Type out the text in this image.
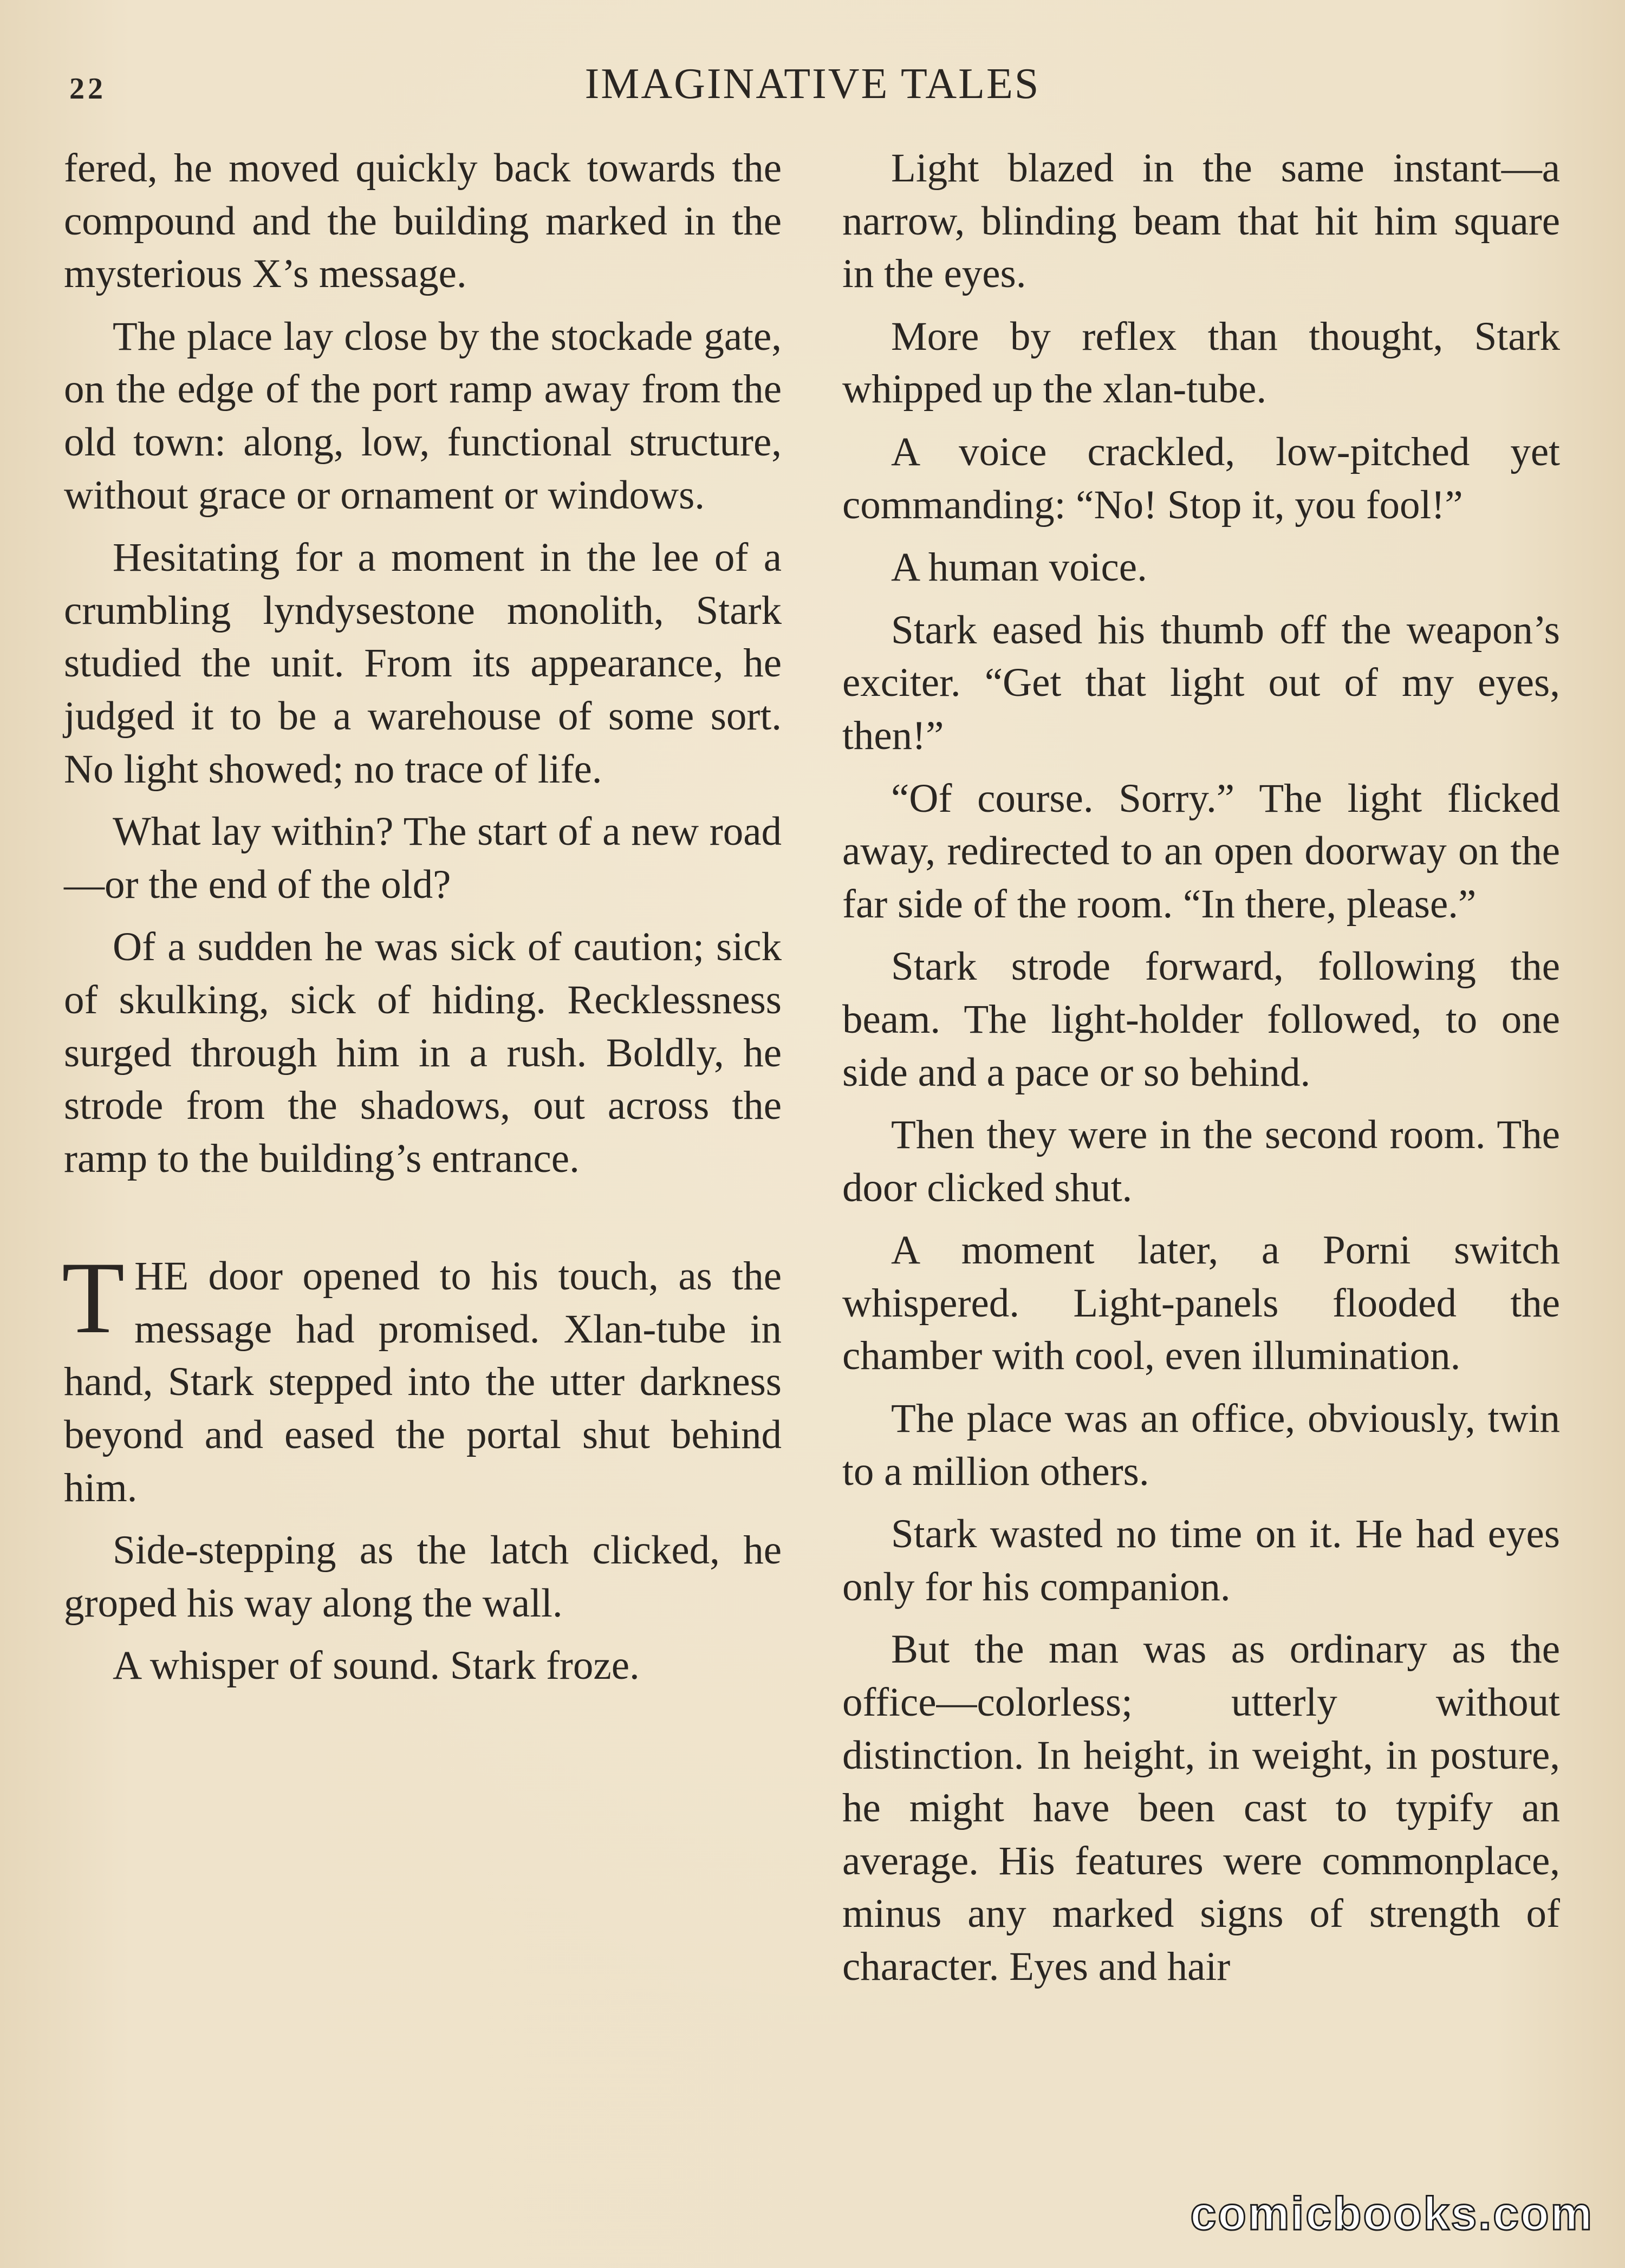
22	IMAGINATIVE TALES

fered, he moved quickly back towards the compound and the building marked in the mysterious X’s message.

The place lay close by the stockade gate, on the edge of the port ramp away from the old town: along, low, functional structure, without grace or ornament or windows.

Hesitating for a moment in the lee of a crumbling lyndysestone monolith, Stark studied the unit. From its appearance, he judged it to be a warehouse of some sort. No light showed; no trace of life.

What lay within? The start of a new road—or the end of the old?

Of a sudden he was sick of caution; sick of skulking, sick of hiding. Recklessness surged through him in a rush. Boldly, he strode from the shadows, out across the ramp to the building’s entrance.

THE door opened to his touch, as the message had promised. Xlan-tube in hand, Stark stepped into the utter darkness beyond and eased the portal shut behind him.

Side-stepping as the latch clicked, he groped his way along the wall.

A whisper of sound. Stark froze.

Light blazed in the same instant—a narrow, blinding beam that hit him square in the eyes.

More by reflex than thought, Stark whipped up the xlan-tube.

A voice crackled, low-pitched yet commanding: “No! Stop it, you fool!”

A human voice.

Stark eased his thumb off the weapon’s exciter. “Get that light out of my eyes, then!”

“Of course. Sorry.” The light flicked away, redirected to an open doorway on the far side of the room. “In there, please.”

Stark strode forward, following the beam. The light-holder followed, to one side and a pace or so behind.

Then they were in the second room. The door clicked shut.

A moment later, a Porni switch whispered. Light-panels flooded the chamber with cool, even illumination.

The place was an office, obviously, twin to a million others.

Stark wasted no time on it. He had eyes only for his companion.

But the man was as ordinary as the office—colorless; utterly without distinction. In height, in weight, in posture, he might have been cast to typify an average. His features were commonplace, minus any marked signs of strength of character. Eyes and hair

comicbooks.com
